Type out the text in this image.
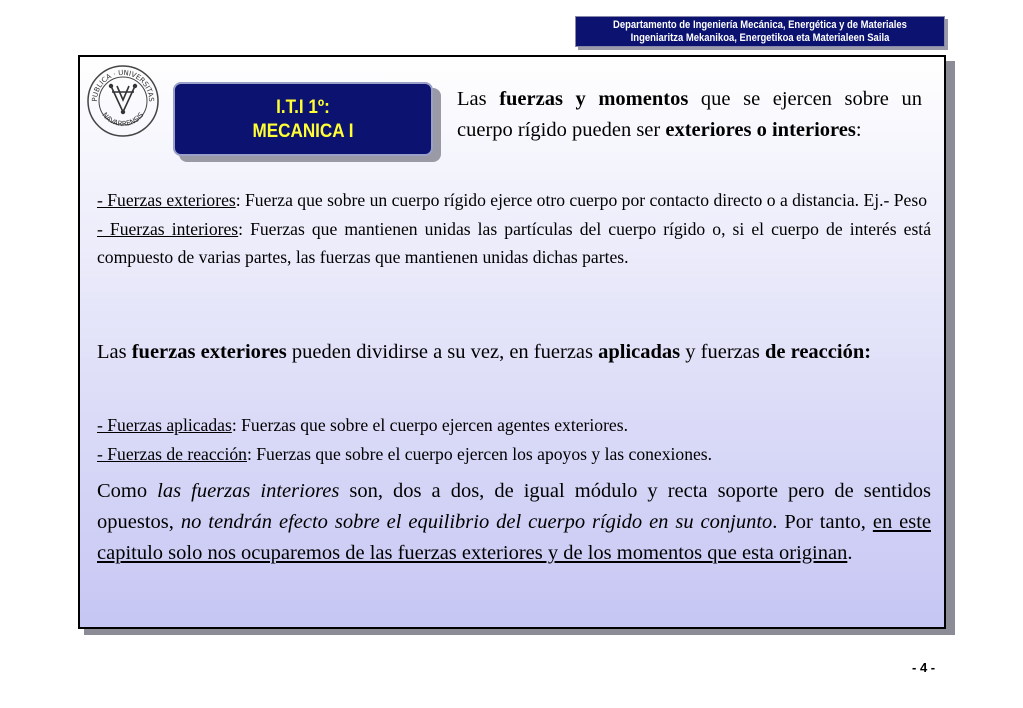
Departamento de Ingeniería Mecánica, Energética y de Materiales
Ingeniaritza Mekanikoa, Energetikoa eta Materialeen Saila
PUBLICA · UNIVERSITAS
NAVARRENSIS	I.T.I 1º:
MECANICA I
Las fuerzas y momentos que se ejercen sobre un cuerpo rígido pueden ser exteriores o interiores:
- Fuerzas exteriores: Fuerza que sobre un cuerpo rígido ejerce otro cuerpo por contacto directo o a distancia. Ej.- Peso
- Fuerzas interiores: Fuerzas que mantienen unidas las partículas del cuerpo rígido o, si el cuerpo de interés está compuesto de varias partes, las fuerzas que mantienen unidas dichas partes.
Las fuerzas exteriores pueden dividirse a su vez, en fuerzas aplicadas y fuerzas de reacción:
- Fuerzas aplicadas: Fuerzas que sobre el cuerpo ejercen agentes exteriores.
- Fuerzas de reacción: Fuerzas que sobre el cuerpo ejercen los apoyos y las conexiones.
Como las fuerzas interiores son, dos a dos, de igual módulo y recta soporte pero de sentidos opuestos, no tendrán efecto sobre el equilibrio del cuerpo rígido en su conjunto. Por tanto, en este capitulo solo nos ocuparemos de las fuerzas exteriores y de los momentos que esta originan.
- 4 -
